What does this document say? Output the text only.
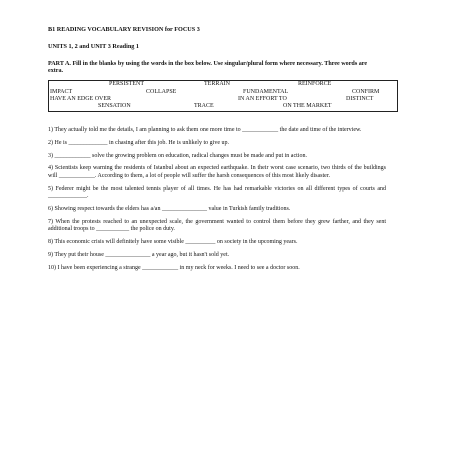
B1 READING VOCABULARY REVISION for FOCUS 3
UNITS 1, 2 and UNIT 3 Reading 1
PART A. Fill in the blanks by using the words in the box below. Use singular/plural form where necessary. Three words are extra.
PERSISTENT	TERRAIN	REINFORCE
IMPACT	COLLAPSE	FUNDAMENTAL	CONFIRM
HAVE AN EDGE OVER	IN AN EFFORT TO	DISTINCT
SENSATION	TRACE	ON THE MARKET
1) They actually told me the details, I am planning to ask them one more time to ____________ the date and time of the interview.
2) He is _____________ in chasing after this job. He is unlikely to give up.
3) ____________ solve the growing problem on education, radical changes must be made and put in action.
4) Scientists keep warning the residents of Istanbul about an expected earthquake. In their worst case scenario, two thirds of the buildings will ____________. According to them, a lot of people will suffer the harsh consequences of this most likely disaster.
5) Federer might be the most talented tennis player of all times. He has had remarkable victories on all different types of courts and _____________.
6) Showing respect towards the elders has a/an _______________ value in Turkish family traditions.
7) When the protests reached to an unexpected scale, the government wanted to control them before they grew farther, and they sent additional troops to ___________ the police on duty.
8) This economic crisis will definitely have some visible __________ on society in the upcoming years.
9) They put their house _______________ a year ago, but it hasn't sold yet.
10) I have been experiencing a strange ____________ in my neck for weeks. I need to see a doctor soon.
